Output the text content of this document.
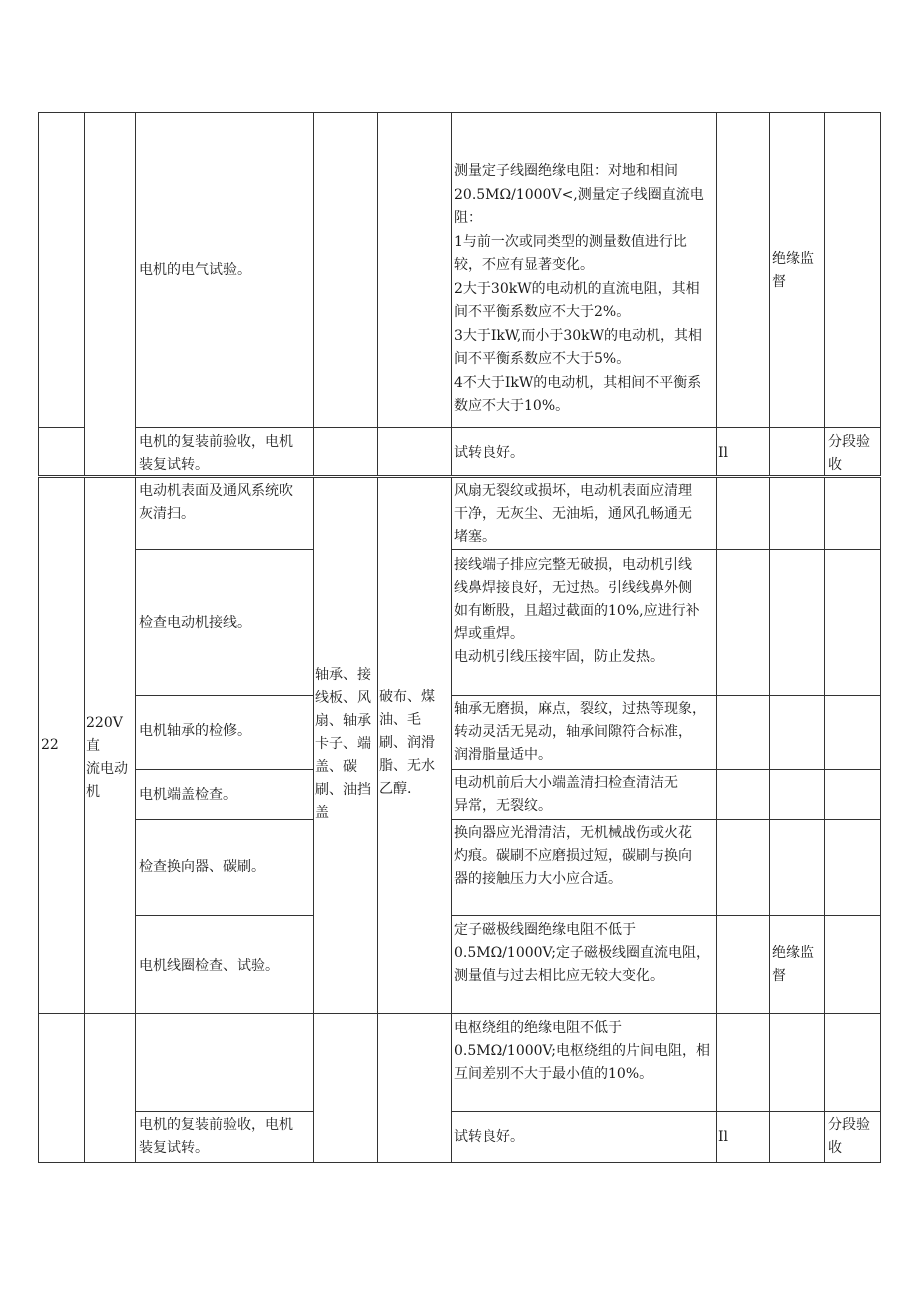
电机的电气试验。
测量定子线圈绝缘电阻：对地和相间
20.5MΩ/1000V<,测量定子线圈直流电
阻：
1与前一次或同类型的测量数值进行比
较，不应有显著变化。
2大于30kW的电动机的直流电阻，其相
间不平衡系数应不大于2%。
3大于IkW,而小于30kW的电动机，其相
间不平衡系数应不大于5%。
4不大于IkW的电动机，其相间不平衡系
数应不大于10%。
绝缘监
督
电机的复装前验收，电机
装复试转。
试转良好。	Il
分段验
收
22
220V直
流电动
机
轴承、接
线板、风
扇、轴承
卡子、端
盖、碳
刷、油挡
盖
破布、煤
油、毛
刷、润滑
脂、无水
乙醇.
电动机表面及通风系统吹
灰清扫。
风扇无裂纹或损坏，电动机表面应清理
干净，无灰尘、无油垢，通风孔畅通无
堵塞。
检查电动机接线。
接线端子排应完整无破损，电动机引线
线鼻焊接良好，无过热。引线线鼻外侧
如有断股，且超过截面的10%,应进行补
焊或重焊。
电动机引线压接牢固，防止发热。
电机轴承的检修。
轴承无磨损，麻点，裂纹，过热等现象，
转动灵活无晃动，轴承间隙符合标准，
润滑脂量适中。
电机端盖检查。
电动机前后大小端盖清扫检查清洁无
异常，无裂纹。
检查换向器、碳刷。
换向器应光滑清洁，无机械战伤或火花
灼痕。碳刷不应磨损过短，碳刷与换向
器的接触压力大小应合适。
电机线圈检查、试验。
定子磁极线圈绝缘电阻不低于
0.5MΩ/1000V;定子磁极线圈直流电阻，
测量值与过去相比应无较大变化。
绝缘监
督
电枢绕组的绝缘电阻不低于
0.5MΩ/1000V;电枢绕组的片间电阻，相
互间差别不大于最小值的10%。
电机的复装前验收，电机
装复试转。
试转良好。	Il
分段验
收
